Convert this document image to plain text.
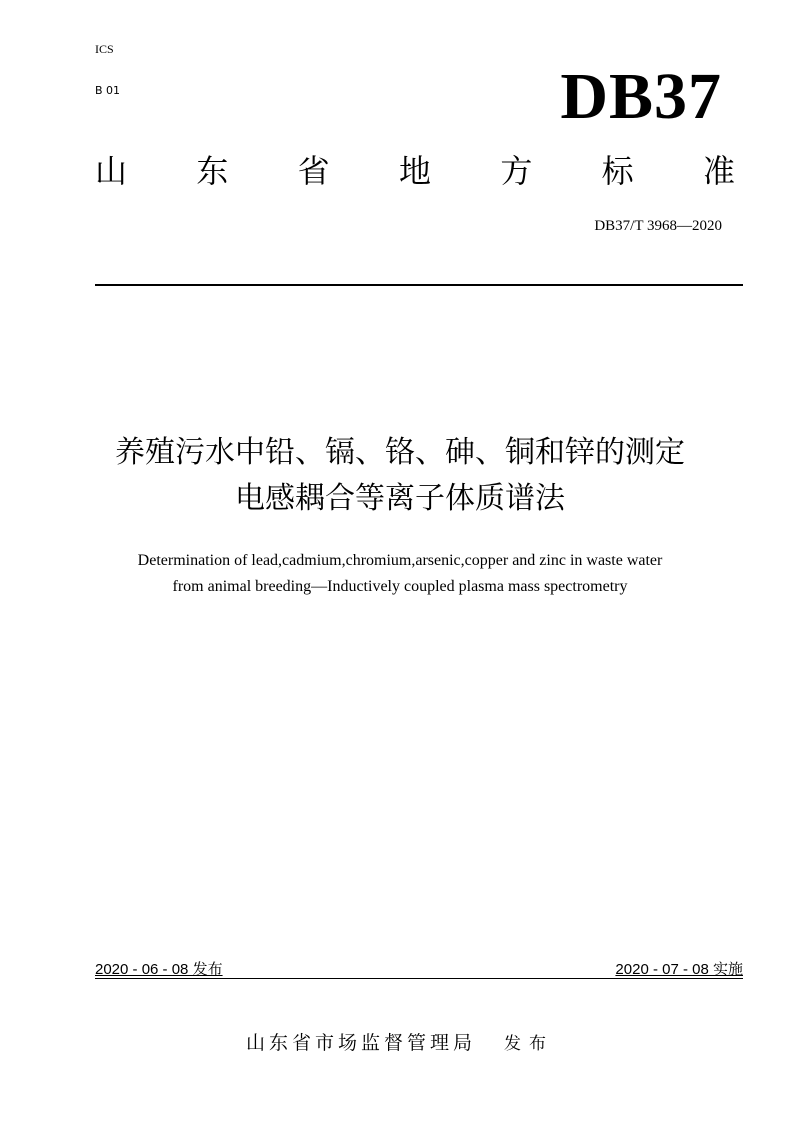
ICS
B 01	DB37
山 东 省 地 方 标 准
DB37/T 3968—2020
养殖污水中铅、镉、铬、砷、铜和锌的测定
电感耦合等离子体质谱法
Determination of lead,cadmium,chromium,arsenic,copper and zinc in waste water
from animal breeding—Inductively coupled plasma mass spectrometry
2020 - 06 - 08 发布	2020 - 07 - 08 实施
山东省市场监督管理局 发布
